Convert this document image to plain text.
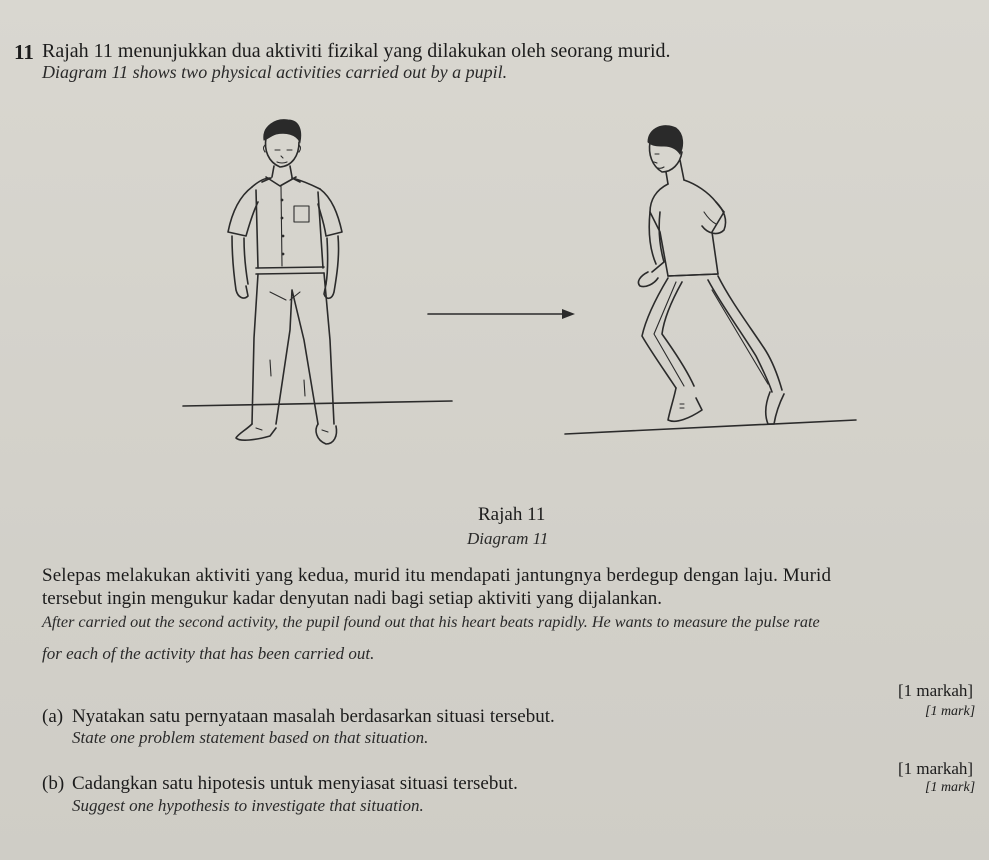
11 Rajah 11 menunjukkan dua aktiviti fizikal yang dilakukan oleh seorang murid.
Diagram 11 shows two physical activities carried out by a pupil.
Rajah 11
Diagram 11
Selepas melakukan aktiviti yang kedua, murid itu mendapati jantungnya berdegup dengan laju. Murid
tersebut ingin mengukur kadar denyutan nadi bagi setiap aktiviti yang dijalankan.
After carried out the second activity, the pupil found out that his heart beats rapidly. He wants to measure the pulse rate
for each of the activity that has been carried out.
(a) Nyatakan satu pernyataan masalah berdasarkan situasi tersebut.
State one problem statement based on that situation.
[1 markah]
[1 mark]
(b) Cadangkan satu hipotesis untuk menyiasat situasi tersebut.
Suggest one hypothesis to investigate that situation.
[1 markah]
[1 mark]
